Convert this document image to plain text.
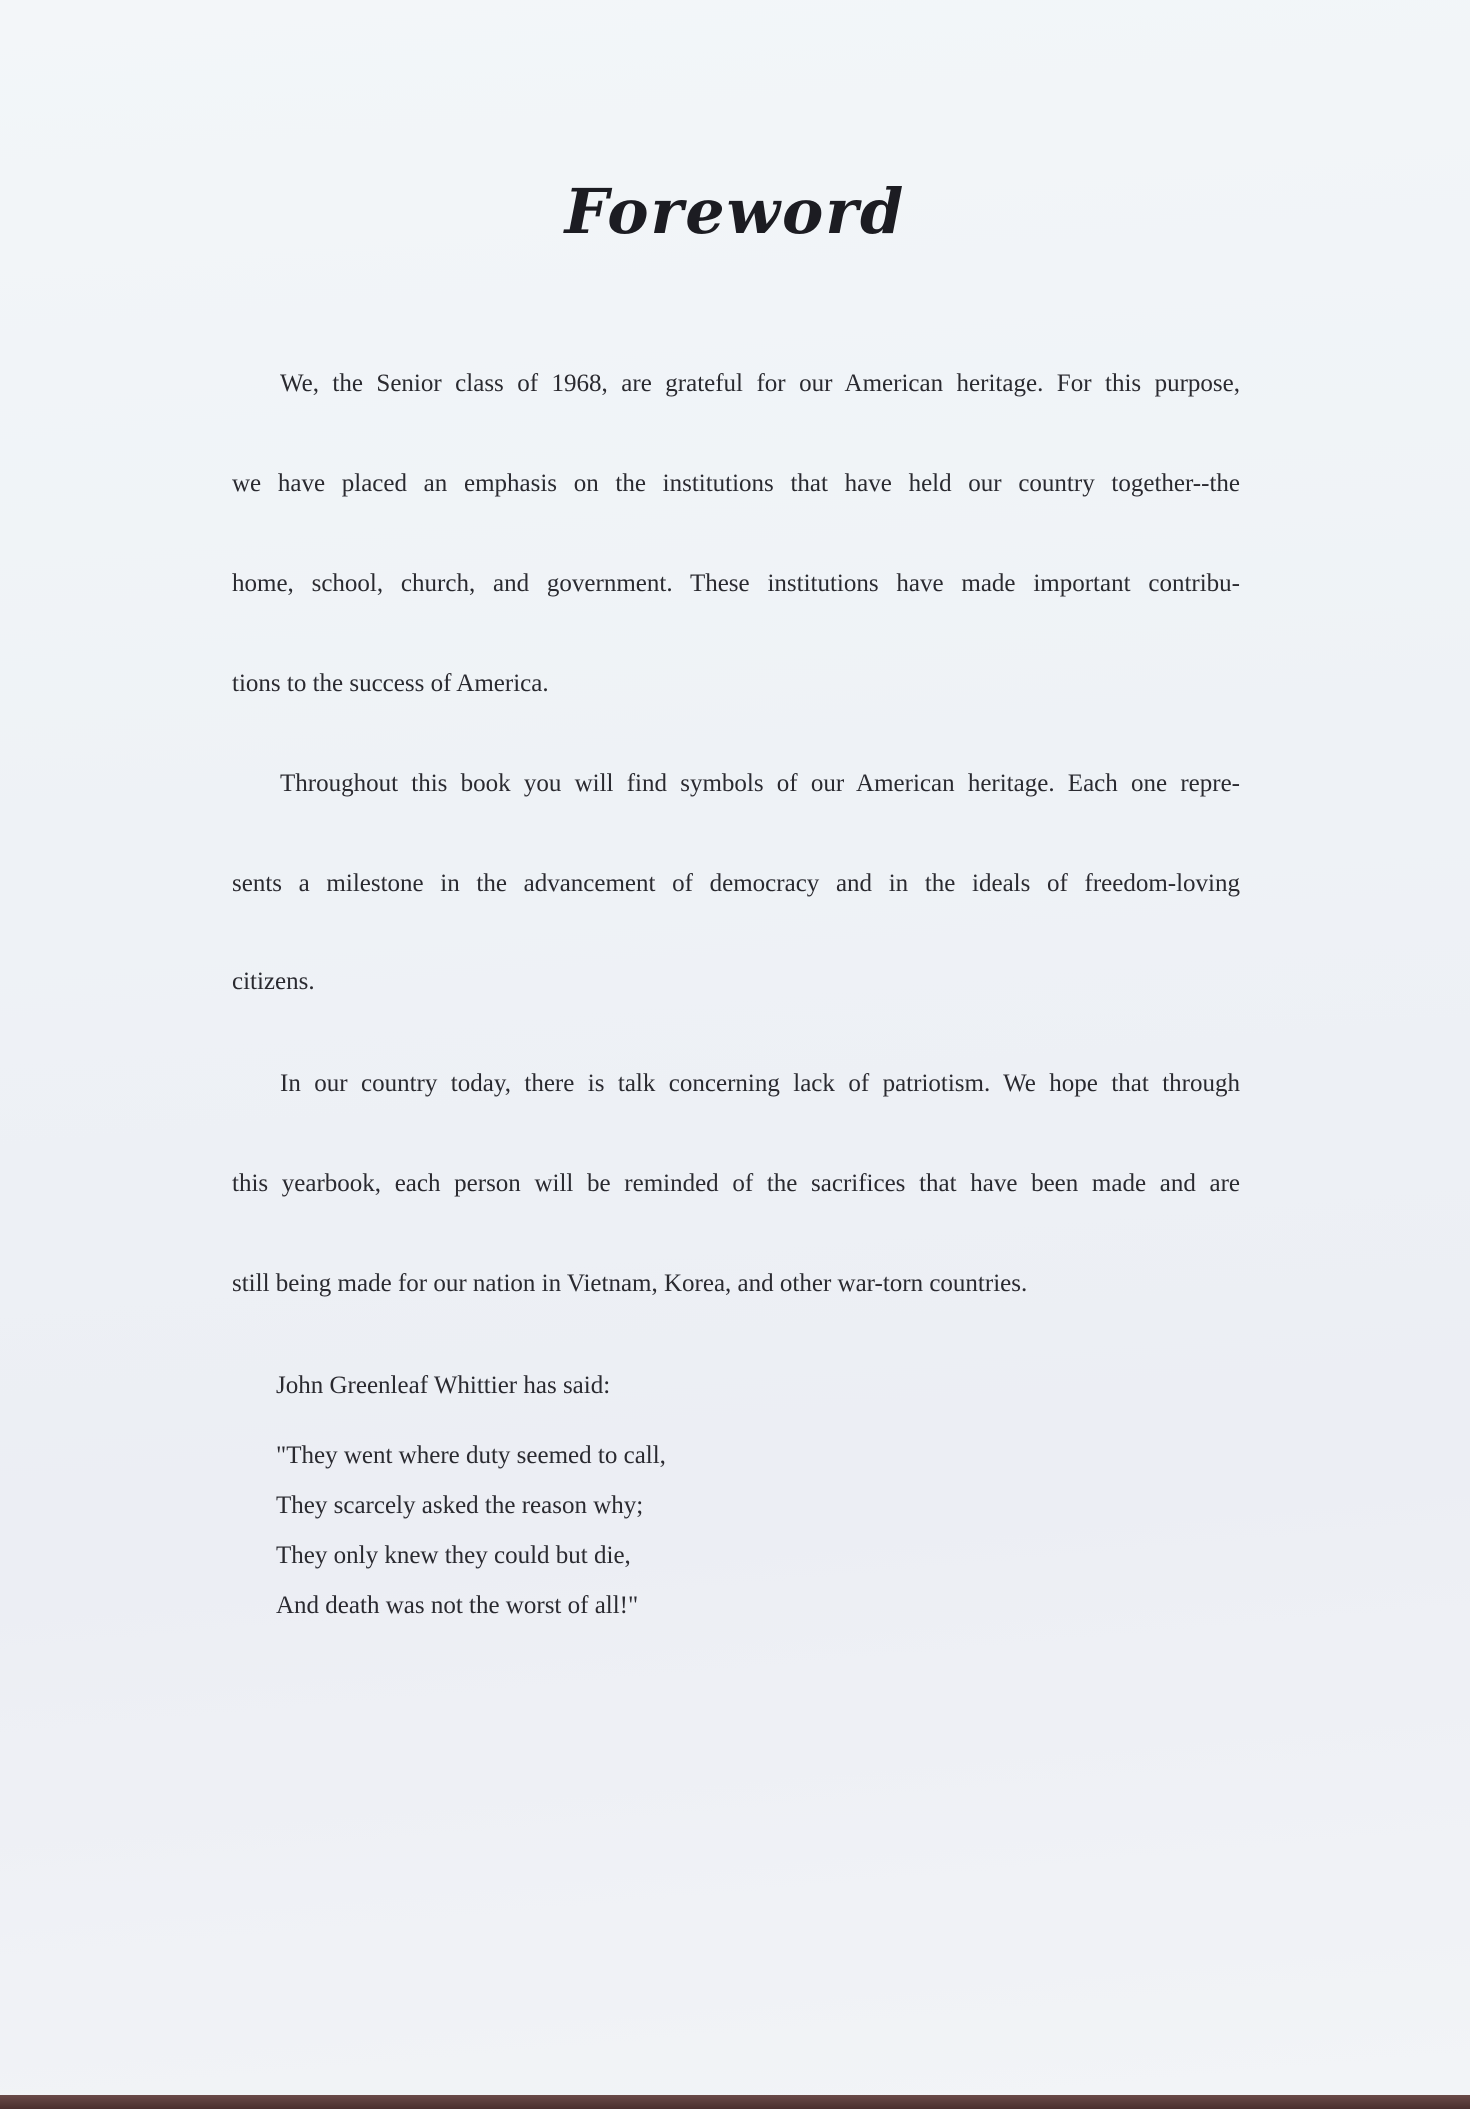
Foreword
We, the Senior class of 1968, are grateful for our American heritage. For this purpose,
we have placed an emphasis on the institutions that have held our country together--the
home, school, church, and government. These institutions have made important contribu-
tions to the success of America.
Throughout this book you will find symbols of our American heritage. Each one repre-
sents a milestone in the advancement of democracy and in the ideals of freedom-loving
citizens.
In our country today, there is talk concerning lack of patriotism. We hope that through
this yearbook, each person will be reminded of the sacrifices that have been made and are
still being made for our nation in Vietnam, Korea, and other war-torn countries.
John Greenleaf Whittier has said:
"They went where duty seemed to call,
They scarcely asked the reason why;
They only knew they could but die,
And death was not the worst of all!"
